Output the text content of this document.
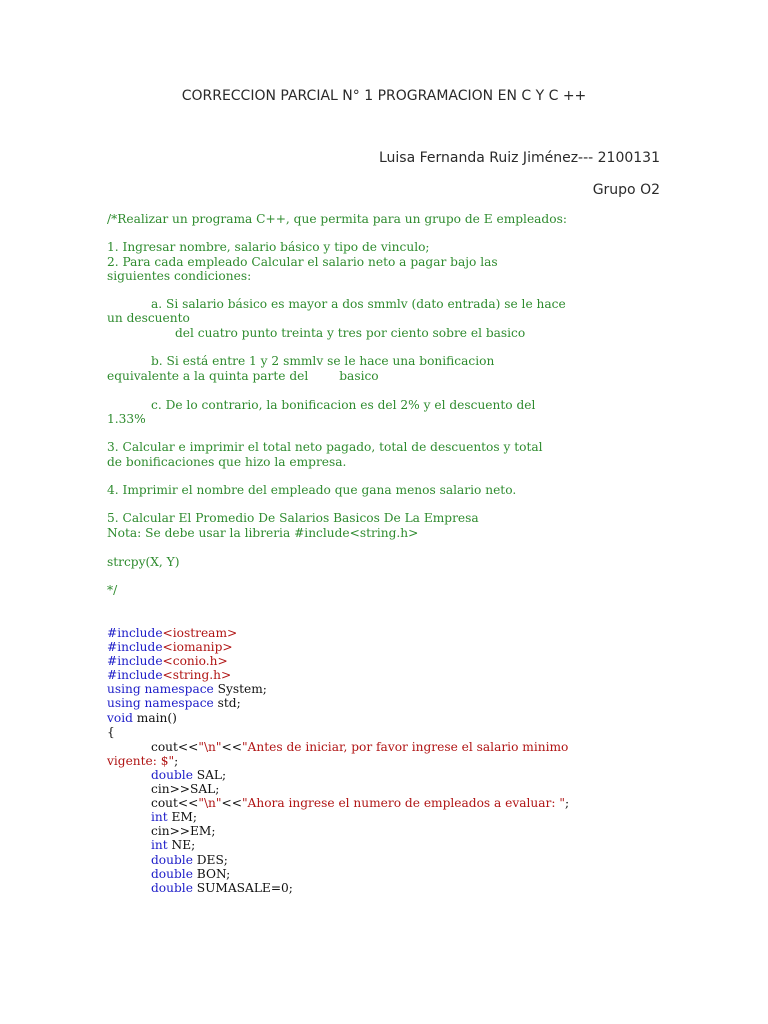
CORRECCION PARCIAL N° 1 PROGRAMACION EN C Y C ++
Luisa Fernanda Ruiz Jiménez--- 2100131
Grupo O2
/*Realizar un programa C++, que permita para un grupo de E empleados:
1. Ingresar nombre, salario básico y tipo de vinculo;
2. Para cada empleado Calcular el salario neto a pagar bajo las
siguientes condiciones:
a. Si salario básico es mayor a dos smmlv (dato entrada) se le hace
un descuento
del cuatro punto treinta y tres por ciento sobre el basico
b. Si está entre 1 y 2 smmlv se le hace una bonificacion
equivalente a la quinta parte del        basico
c. De lo contrario, la bonificacion es del 2% y el descuento del
1.33%
3. Calcular e imprimir el total neto pagado, total de descuentos y total
de bonificaciones que hizo la empresa.
4. Imprimir el nombre del empleado que gana menos salario neto.
5. Calcular El Promedio De Salarios Basicos De La Empresa
Nota: Se debe usar la libreria #include<string.h>
strcpy(X, Y)
*/
#include<iostream>
#include<iomanip>
#include<conio.h>
#include<string.h>
using namespace System;
using namespace std;
void main()
{
cout<<"\n"<<"Antes de iniciar, por favor ingrese el salario minimo
vigente: $";
double SAL;
cin>>SAL;
cout<<"\n"<<"Ahora ingrese el numero de empleados a evaluar: ";
int EM;
cin>>EM;
int NE;
double DES;
double BON;
double SUMASALE=0;
